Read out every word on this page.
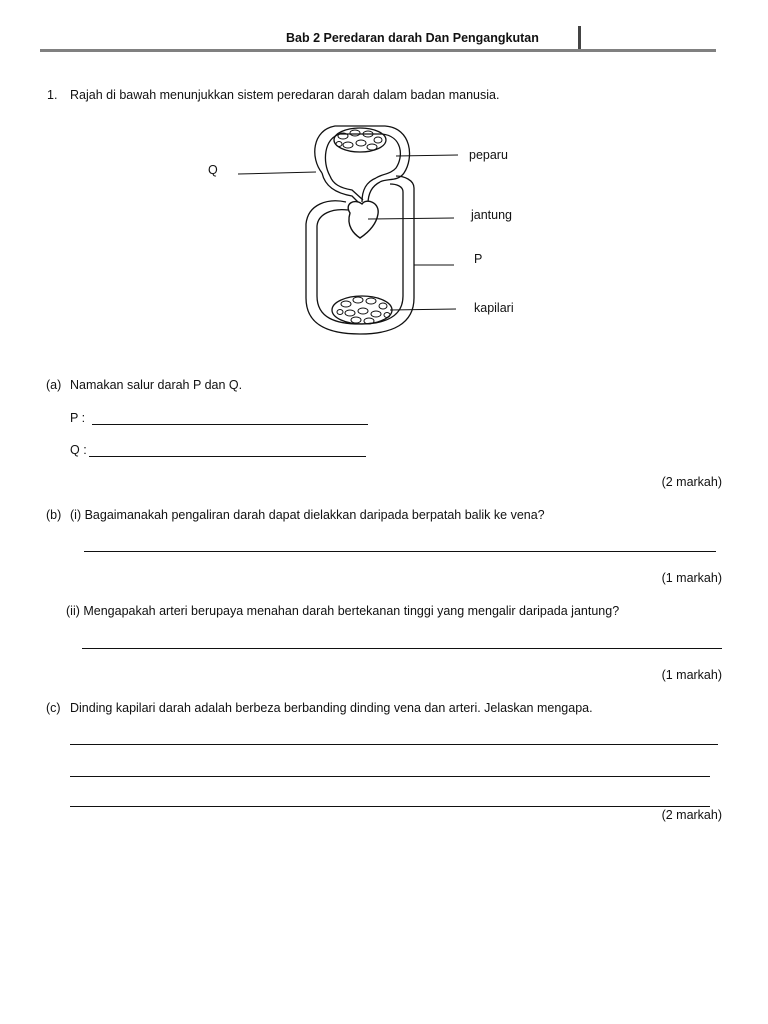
Bab 2 Peredaran darah Dan Pengangkutan
1. Rajah di bawah menunjukkan sistem peredaran darah dalam badan manusia.
Q
peparu
jantung
P
kapilari
(a) Namakan salur darah P dan Q.
P :
Q :
(2 markah)
(b) (i) Bagaimanakah pengaliran darah dapat dielakkan daripada berpatah balik ke vena?
(1 markah)
(ii) Mengapakah arteri berupaya menahan darah bertekanan tinggi yang mengalir daripada jantung?
(1 markah)
(c) Dinding kapilari darah adalah berbeza berbanding dinding vena dan arteri. Jelaskan mengapa.
(2 markah)
